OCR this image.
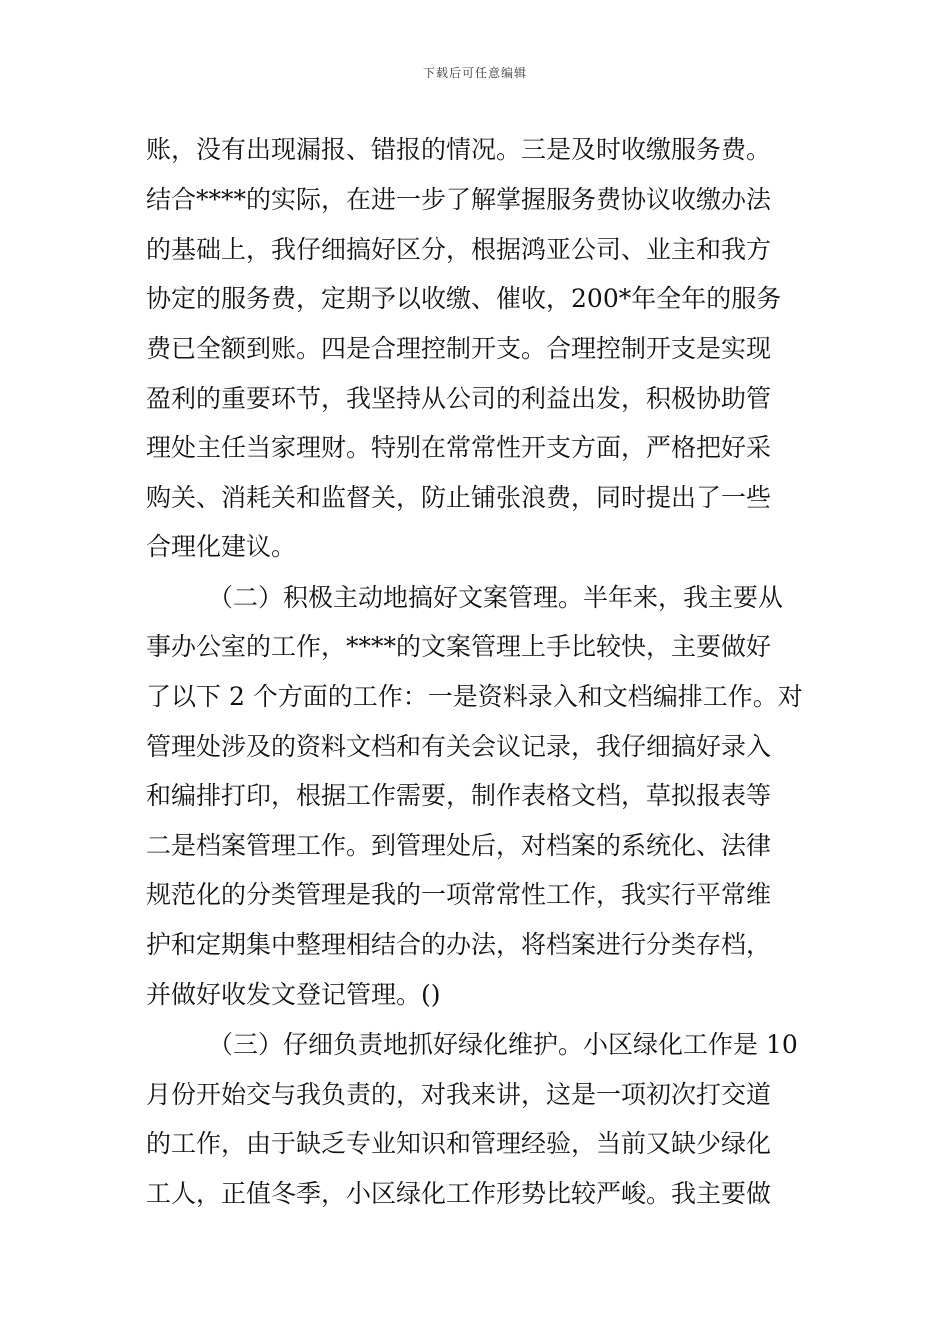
下载后可任意编辑
账，没有出现漏报、错报的情况。三是及时收缴服务费。
结合****的实际，在进一步了解掌握服务费协议收缴办法
的基础上，我仔细搞好区分，根据鸿亚公司、业主和我方
协定的服务费，定期予以收缴、催收，200*年全年的服务
费已全额到账。四是合理控制开支。合理控制开支是实现
盈利的重要环节，我坚持从公司的利益出发，积极协助管
理处主任当家理财。特别在常常性开支方面，严格把好采
购关、消耗关和监督关，防止铺张浪费，同时提出了一些
合理化建议。
（二）积极主动地搞好文案管理。半年来，我主要从
事办公室的工作，****的文案管理上手比较快，主要做好
了以下 2 个方面的工作：一是资料录入和文档编排工作。对
管理处涉及的资料文档和有关会议记录，我仔细搞好录入
和编排打印，根据工作需要，制作表格文档，草拟报表等
二是档案管理工作。到管理处后，对档案的系统化、法律
规范化的分类管理是我的一项常常性工作，我实行平常维
护和定期集中整理相结合的办法，将档案进行分类存档，
并做好收发文登记管理。()
（三）仔细负责地抓好绿化维护。小区绿化工作是 10
月份开始交与我负责的，对我来讲，这是一项初次打交道
的工作，由于缺乏专业知识和管理经验，当前又缺少绿化
工人，正值冬季，小区绿化工作形势比较严峻。我主要做
